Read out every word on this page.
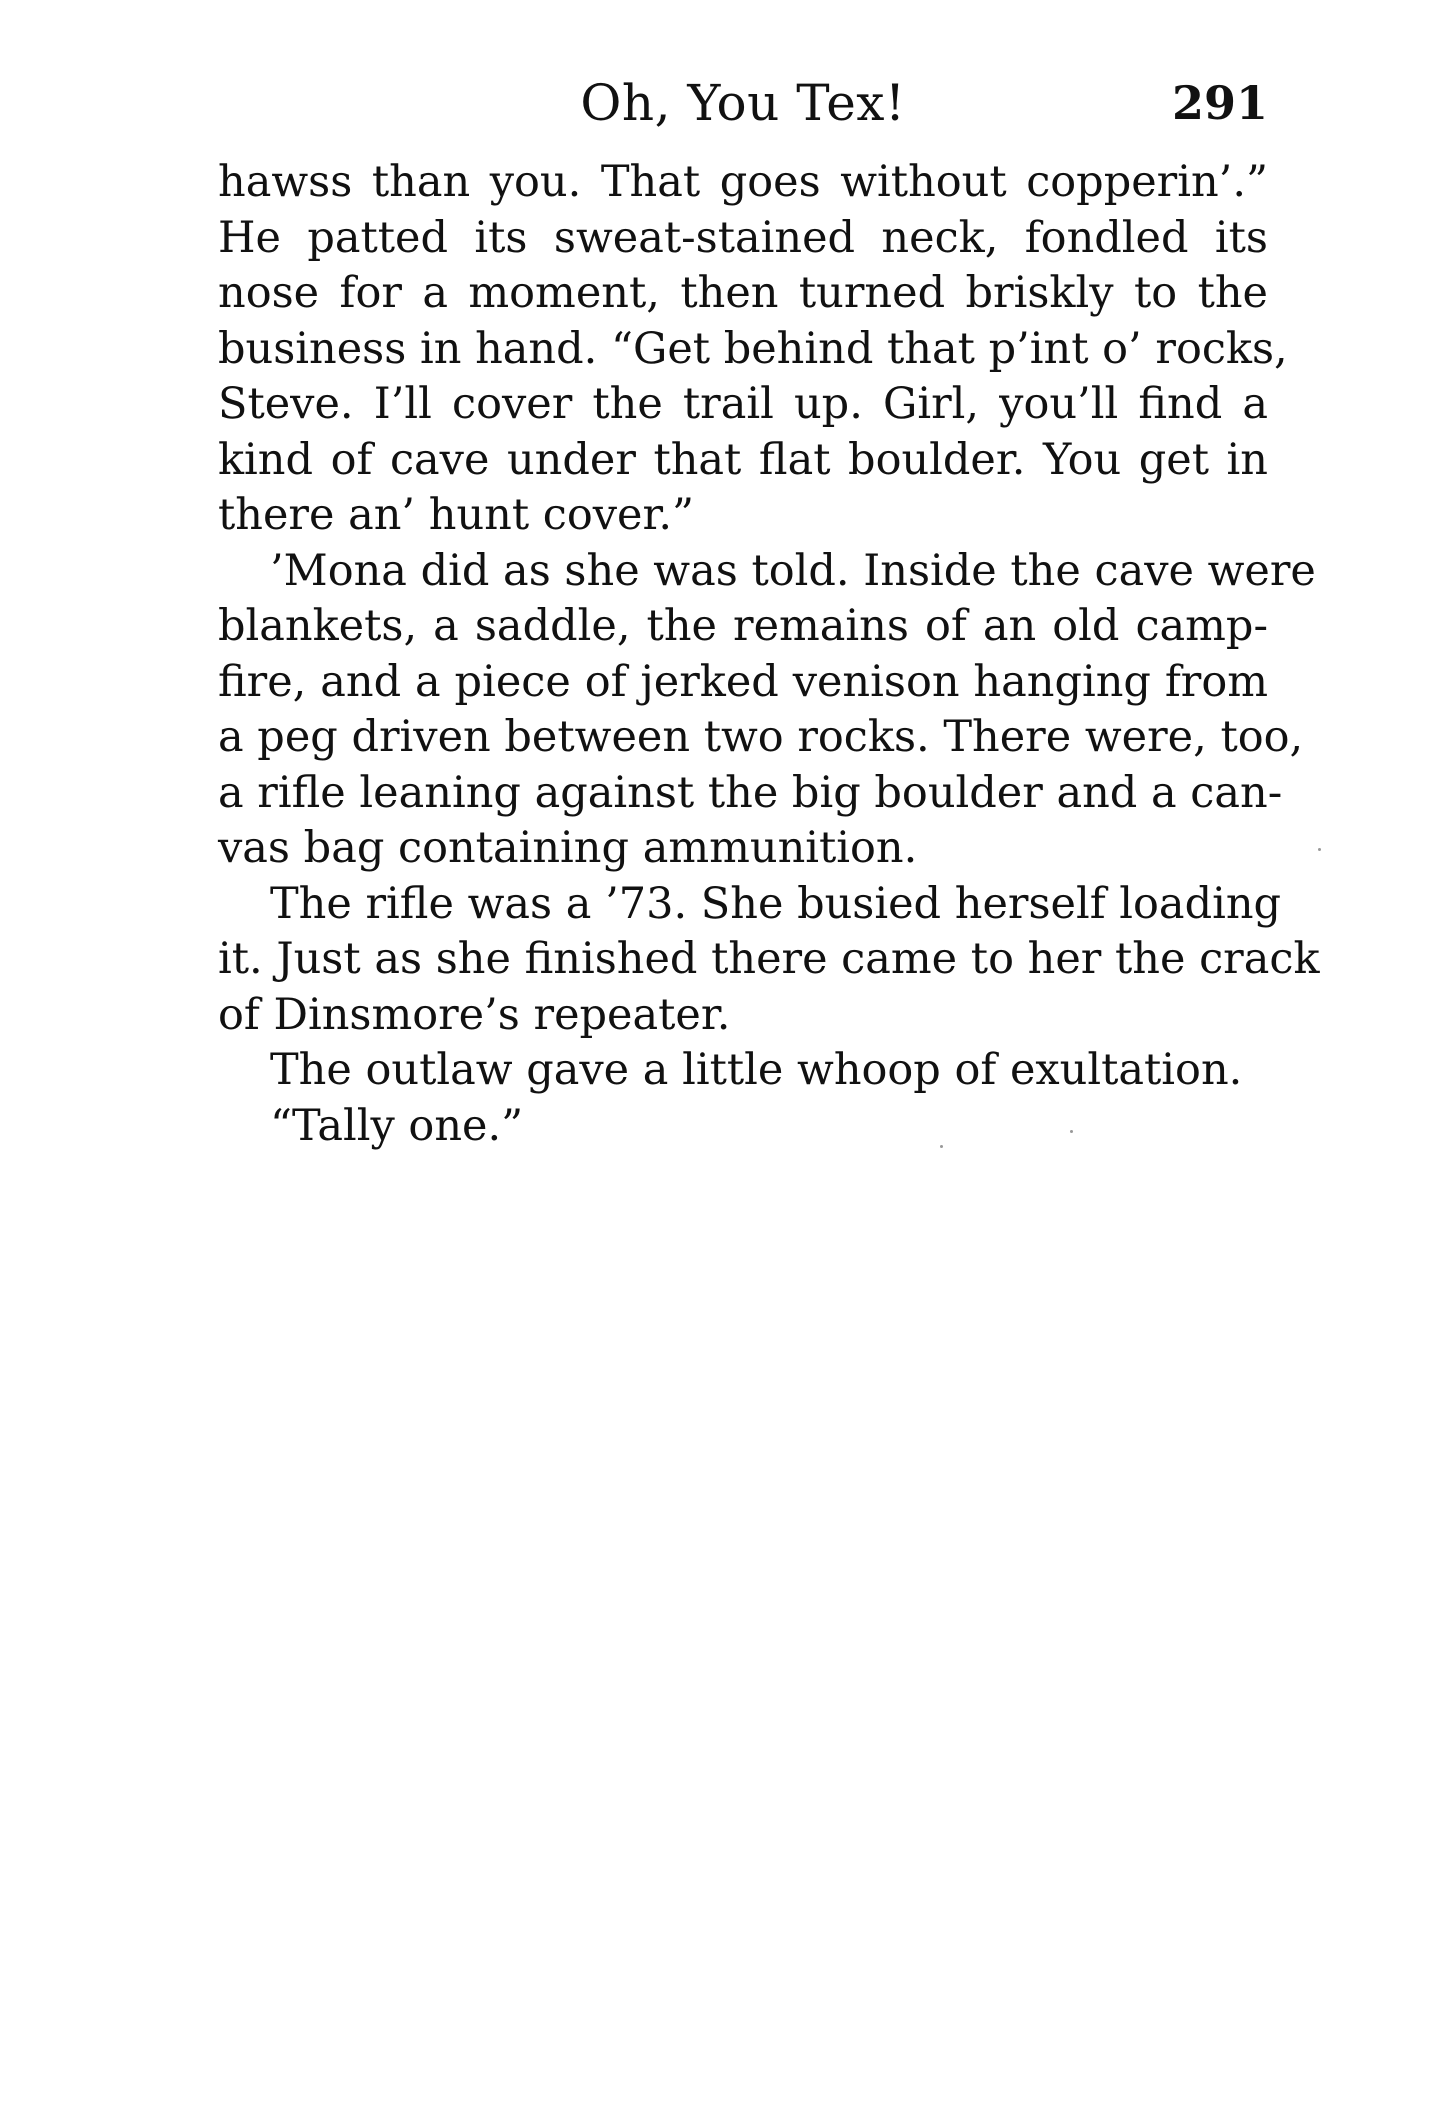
Oh, You Tex!	291
hawss than you. That goes without copperin’.”
He patted its sweat-stained neck, fondled its
nose for a moment, then turned briskly to the
business in hand. “Get behind that p’int o’ rocks,
Steve. I’ll cover the trail up. Girl, you’ll find a
kind of cave under that flat boulder. You get in
there an’ hunt cover.”
’Mona did as she was told. Inside the cave were
blankets, a saddle, the remains of an old camp-
fire, and a piece of jerked venison hanging from
a peg driven between two rocks. There were, too,
a rifle leaning against the big boulder and a can-
vas bag containing ammunition.
The rifle was a ’73. She busied herself loading
it. Just as she finished there came to her the crack
of Dinsmore’s repeater.
The outlaw gave a little whoop of exultation.
“Tally one.”
